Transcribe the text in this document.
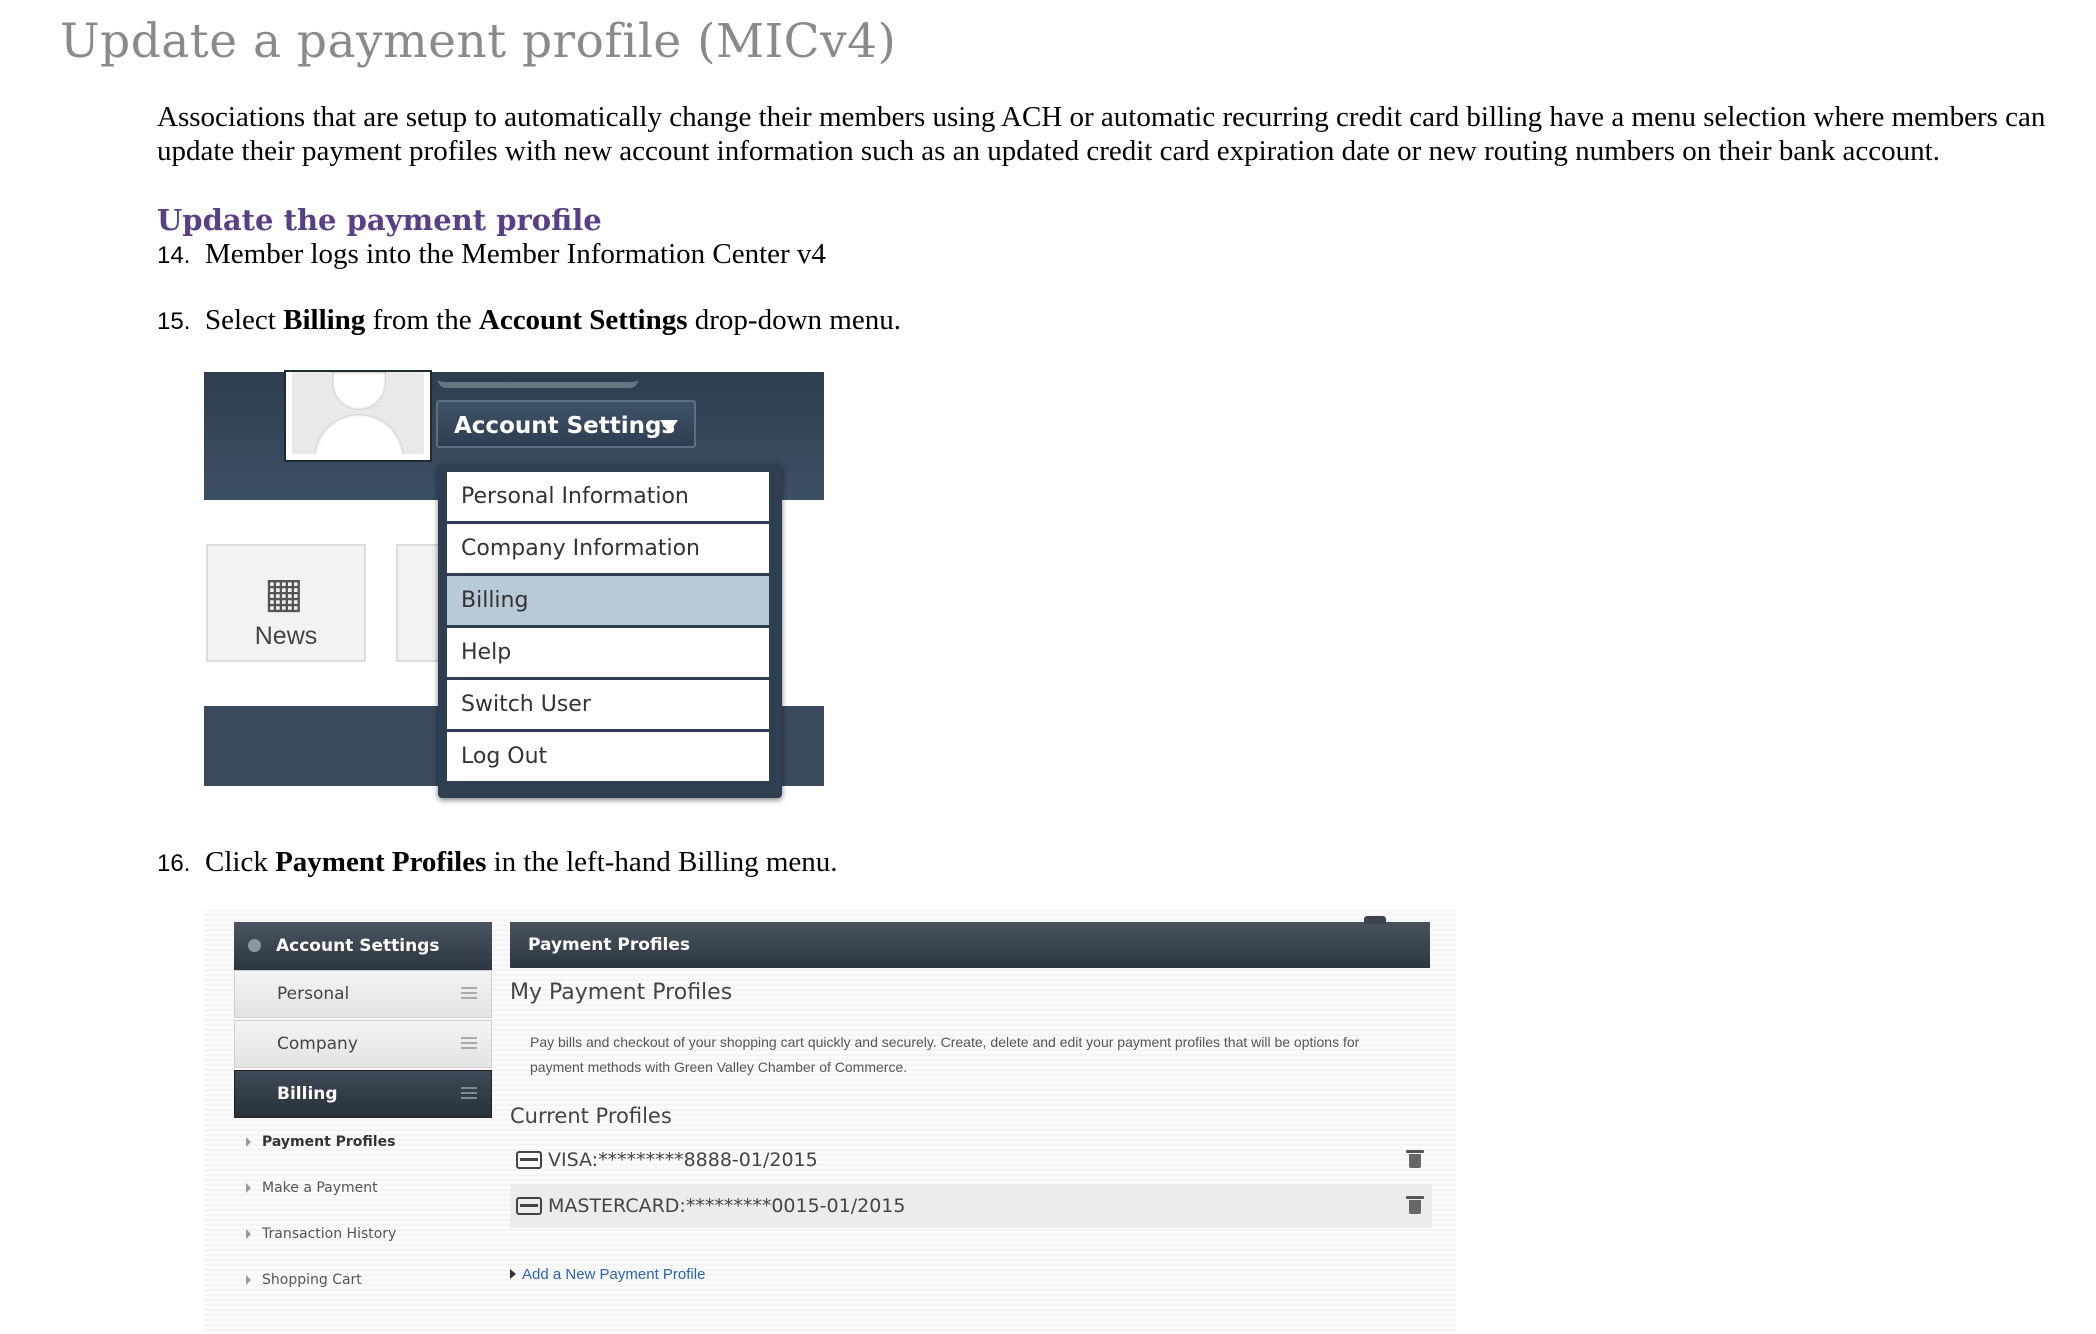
Update a payment profile (MICv4)
Associations that are setup to automatically change their members using ACH or automatic recurring credit card billing have a menu selection where members can update their payment profiles with new account information such as an updated credit card expiration date or new routing numbers on their bank account.
Update the payment profile
14. Member logs into the Member Information Center v4
15. Select Billing from the Account Settings drop-down menu.
Account Settings
▦
News
Personal Information
Company Information
Billing
Help
Switch User
Log Out
16. Click Payment Profiles in the left-hand Billing menu.
Account Settings
Personal
Company
Billing
Payment Profiles
Make a Payment
Transaction History
Shopping Cart
Payment Profiles
My Payment Profiles
Pay bills and checkout of your shopping cart quickly and securely. Create, delete and edit your payment profiles that will be options for payment methods with Green Valley Chamber of Commerce.
Current Profiles
VISA:*********8888-01/2015
MASTERCARD:*********0015-01/2015
Add a New Payment Profile
